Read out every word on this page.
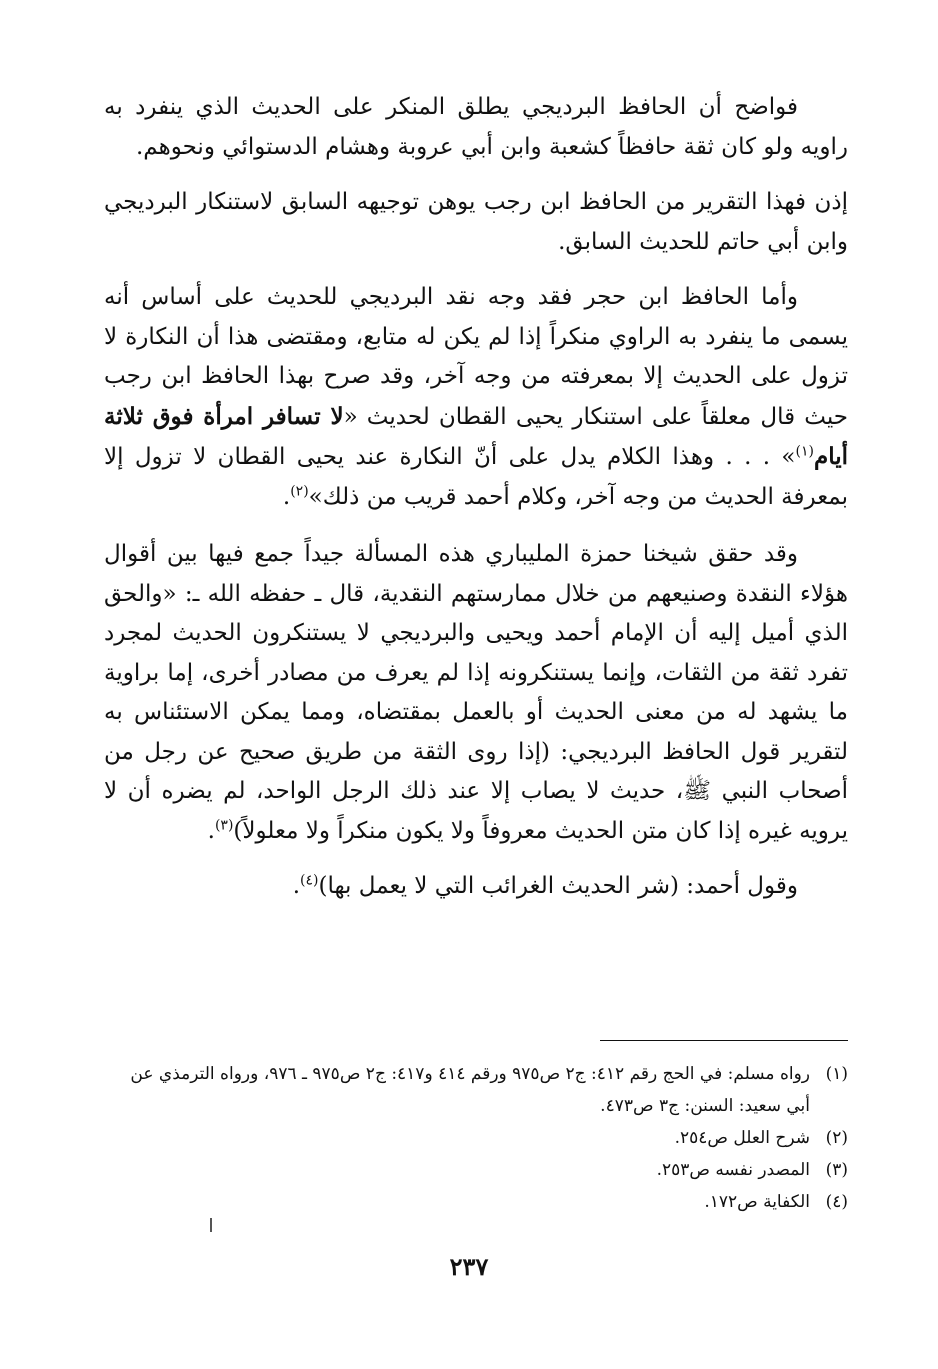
فواضح أن الحافظ البرديجي يطلق المنكر على الحديث الذي ينفرد به راويه ولو كان ثقة حافظاً كشعبة وابن أبي عروبة وهشام الدستوائي ونحوهم.

إذن فهذا التقرير من الحافظ ابن رجب يوهن توجيهه السابق لاستنكار البرديجي وابن أبي حاتم للحديث السابق.

وأما الحافظ ابن حجر فقد وجه نقد البرديجي للحديث على أساس أنه يسمى ما ينفرد به الراوي منكراً إذا لم يكن له متابع، ومقتضى هذا أن النكارة لا تزول على الحديث إلا بمعرفته من وجه آخر، وقد صرح بهذا الحافظ ابن رجب حيث قال معلقاً على استنكار يحيى القطان لحديث «لا تسافر امرأة فوق ثلاثة أيام$^{(١)}$» . . . وهذا الكلام يدل على أنّ النكارة عند يحيى القطان لا تزول إلا بمعرفة الحديث من وجه آخر، وكلام أحمد قريب من ذلك»$^{(٢)}$.

وقد حقق شيخنا حمزة المليباري هذه المسألة جيداً جمع فيها بين أقوال هؤلاء النقدة وصنيعهم من خلال ممارستهم النقدية، قال ـ حفظه الله ـ: «والحق الذي أميل إليه أن الإمام أحمد ويحيى والبرديجي لا يستنكرون الحديث لمجرد تفرد ثقة من الثقات، وإنما يستنكرونه إذا لم يعرف من مصادر أخرى، إما براوية ما يشهد له من معنى الحديث أو بالعمل بمقتضاه، ومما يمكن الاستئناس به لتقرير قول الحافظ البرديجي: (إذا روى الثقة من طريق صحيح عن رجل من أصحاب النبي ﷺ، حديث لا يصاب إلا عند ذلك الرجل الواحد، لم يضره أن لا يرويه غيره إذا كان متن الحديث معروفاً ولا يكون منكراً ولا معلولاً)$^{(٣)}$.

وقول أحمد: (شر الحديث الغرائب التي لا يعمل بها)$^{(٤)}$.

(١)
رواه مسلم: في الحج رقم ٤١٢: ج٢ ص٩٧٥ ورقم ٤١٤ و٤١٧: ج٢ ص٩٧٥ ـ ٩٧٦، ورواه الترمذي عن أبي سعيد: السنن: ج٣ ص٤٧٣.
(٢)
شرح العلل ص٢٥٤.
(٣)
المصدر نفسه ص٢٥٣.
(٤)
الكفاية ص١٧٢.
٢٣٧
